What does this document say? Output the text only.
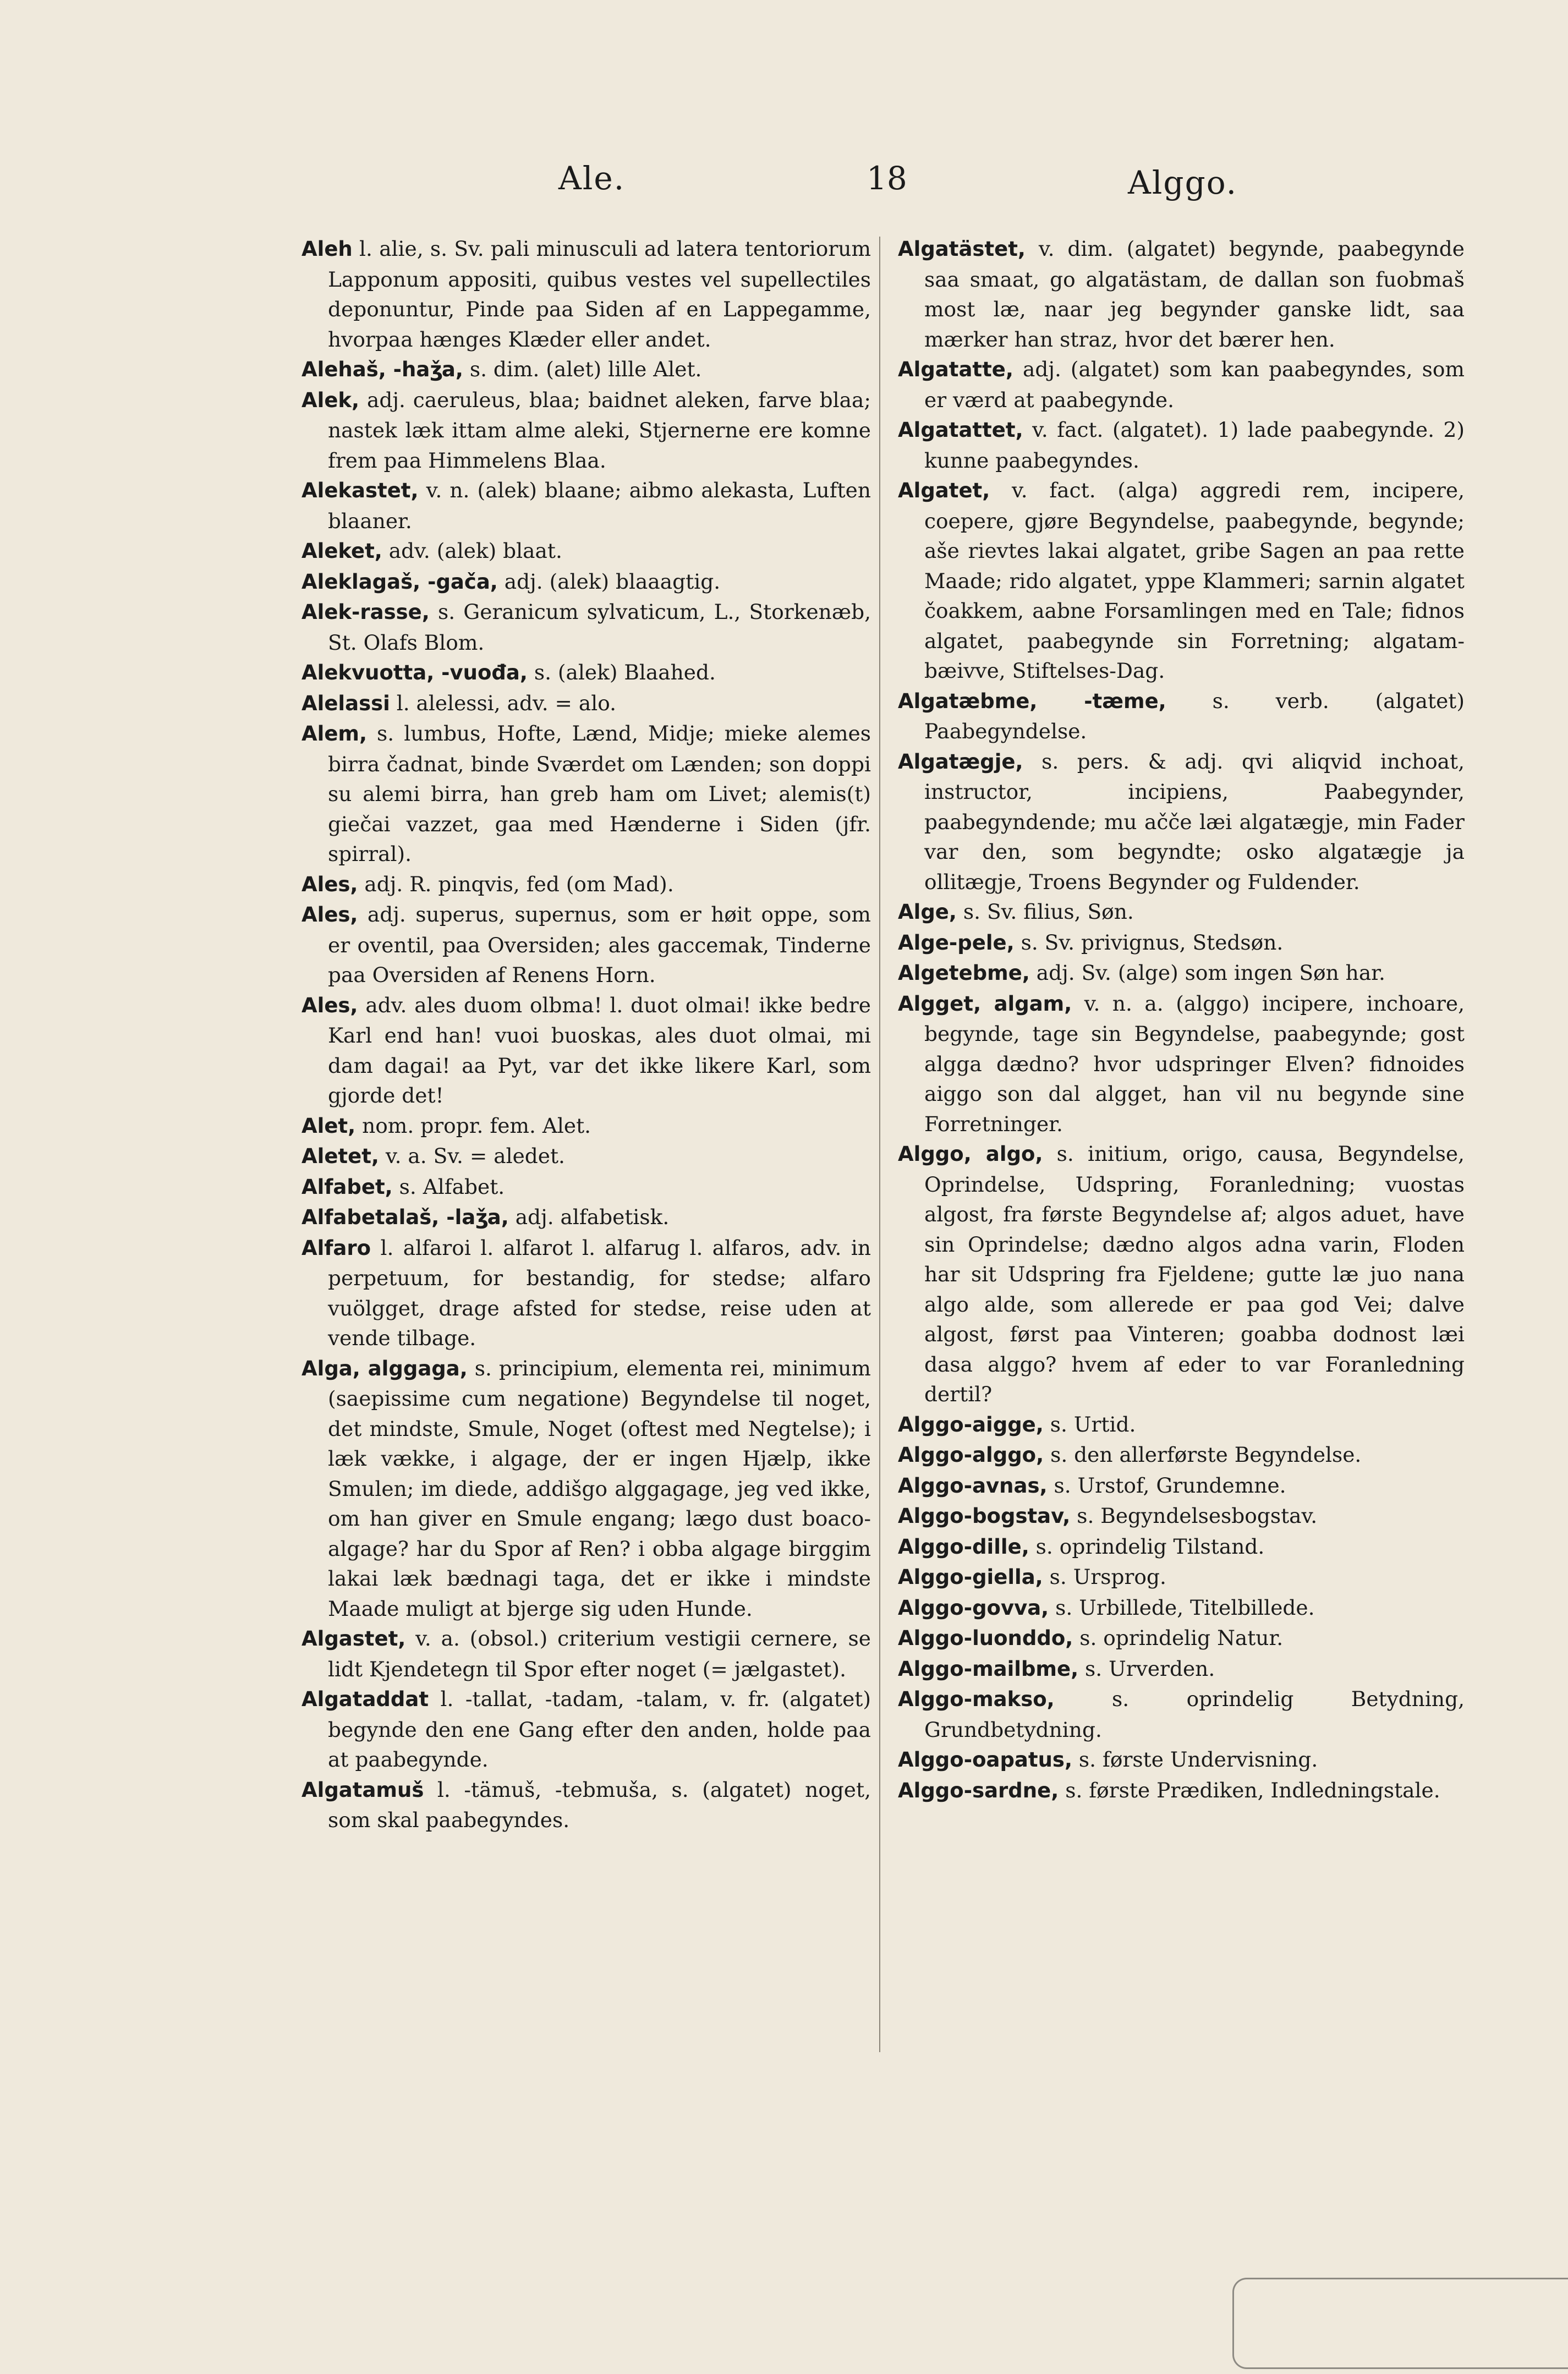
Ale.	18	Alggo.

Aleh l. alie, s. Sv. pali minusculi ad latera tentoriorum Lapponum appositi, quibus vestes vel supellectiles deponuntur, Pinde paa Siden af en Lappegamme, hvorpaa hænges Klæder eller andet.

Alehaš, -haǯa, s. dim. (alet) lille Alet.

Alek, adj. caeruleus, blaa; baidnet aleken, farve blaa; nastek læk ittam alme aleki, Stjernerne ere komne frem paa Himmelens Blaa.

Alekastet, v. n. (alek) blaane; aibmo alekasta, Luften blaaner.

Aleket, adv. (alek) blaat.

Aleklagaš, -gača, adj. (alek) blaaagtig.

Alek-rasse, s. Geranicum sylvaticum, L., Storkenæb, St. Olafs Blom.

Alekvuotta, -vuođa, s. (alek) Blaahed.

Alelassi l. alelessi, adv. = alo.

Alem, s. lumbus, Hofte, Lænd, Midje; mieke alemes birra čadnat, binde Sværdet om Lænden; son doppi su alemi birra, han greb ham om Livet; alemis(t) giečai vazzet, gaa med Hænderne i Siden (jfr. spirral).

Ales, adj. R. pinqvis, fed (om Mad).

Ales, adj. superus, supernus, som er høit oppe, som er oventil, paa Oversiden; ales gaccemak, Tinderne paa Oversiden af Renens Horn.

Ales, adv. ales duom olbma! l. duot olmai! ikke bedre Karl end han! vuoi buoskas, ales duot olmai, mi dam dagai! aa Pyt, var det ikke likere Karl, som gjorde det!

Alet, nom. propr. fem. Alet.

Aletet, v. a. Sv. = aledet.

Alfabet, s. Alfabet.

Alfabetalaš, -laǯa, adj. alfabetisk.

Alfaro l. alfaroi l. alfarot l. alfarug l. alfaros, adv. in perpetuum, for bestandig, for stedse; alfaro vuölgget, drage afsted for stedse, reise uden at vende tilbage.

Alga, alggaga, s. principium, elementa rei, minimum (saepissime cum negatione) Begyndelse til noget, det mindste, Smule, Noget (oftest med Negtelse); i læk vække, i algage, der er ingen Hjælp, ikke Smulen; im diede, addišgo alggagage, jeg ved ikke, om han giver en Smule engang; lægo dust boaco-algage? har du Spor af Ren? i obba algage birggim lakai læk bædnagi taga, det er ikke i mindste Maade muligt at bjerge sig uden Hunde.

Algastet, v. a. (obsol.) criterium vestigii cernere, se lidt Kjendetegn til Spor efter noget (= jælgastet).

Algataddat l. -tallat, -tadam, -talam, v. fr. (algatet) begynde den ene Gang efter den anden, holde paa at paabegynde.

Algatamuš l. -tämuš, -tebmuša, s. (algatet) noget, som skal paabegyndes.

Algatästet, v. dim. (algatet) begynde, paabegynde saa smaat, go algatästam, de dallan son fuobmaš most læ, naar jeg begynder ganske lidt, saa mærker han straz, hvor det bærer hen.

Algatatte, adj. (algatet) som kan paabegyndes, som er værd at paabegynde.

Algatattet, v. fact. (algatet). 1) lade paabegynde. 2) kunne paabegyndes.

Algatet, v. fact. (alga) aggredi rem, incipere, coepere, gjøre Begyndelse, paabegynde, begynde; aše rievtes lakai algatet, gribe Sagen an paa rette Maade; rido algatet, yppe Klammeri; sarnin algatet čoakkem, aabne Forsamlingen med en Tale; fidnos algatet, paabegynde sin Forretning; algatam-bæivve, Stiftelses-Dag.

Algatæbme, -tæme, s. verb. (algatet) Paabegyndelse.

Algatægje, s. pers. & adj. qvi aliqvid inchoat, instructor, incipiens, Paabegynder, paabegyndende; mu ačče læi algatægje, min Fader var den, som begyndte; osko algatægje ja ollitægje, Troens Begynder og Fuldender.

Alge, s. Sv. filius, Søn.

Alge-pele, s. Sv. privignus, Stedsøn.

Algetebme, adj. Sv. (alge) som ingen Søn har.

Algget, algam, v. n. a. (alggo) incipere, inchoare, begynde, tage sin Begyndelse, paabegynde; gost algga dædno? hvor udspringer Elven? fidnoides aiggo son dal algget, han vil nu begynde sine Forretninger.

Alggo, algo, s. initium, origo, causa, Begyndelse, Oprindelse, Udspring, Foranledning; vuostas algost, fra første Begyndelse af; algos aduet, have sin Oprindelse; dædno algos adna varin, Floden har sit Udspring fra Fjeldene; gutte læ juo nana algo alde, som allerede er paa god Vei; dalve algost, først paa Vinteren; goabba dodnost læi dasa alggo? hvem af eder to var Foranledning dertil?

Alggo-aigge, s. Urtid.

Alggo-alggo, s. den allerførste Begyndelse.

Alggo-avnas, s. Urstof, Grundemne.

Alggo-bogstav, s. Begyndelsesbogstav.

Alggo-dille, s. oprindelig Tilstand.

Alggo-giella, s. Ursprog.

Alggo-govva, s. Urbillede, Titelbillede.

Alggo-luonddo, s. oprindelig Natur.

Alggo-mailbme, s. Urverden.

Alggo-makso, s. oprindelig Betydning, Grundbetydning.

Alggo-oapatus, s. første Undervisning.

Alggo-sardne, s. første Prædiken, Indledningstale.
